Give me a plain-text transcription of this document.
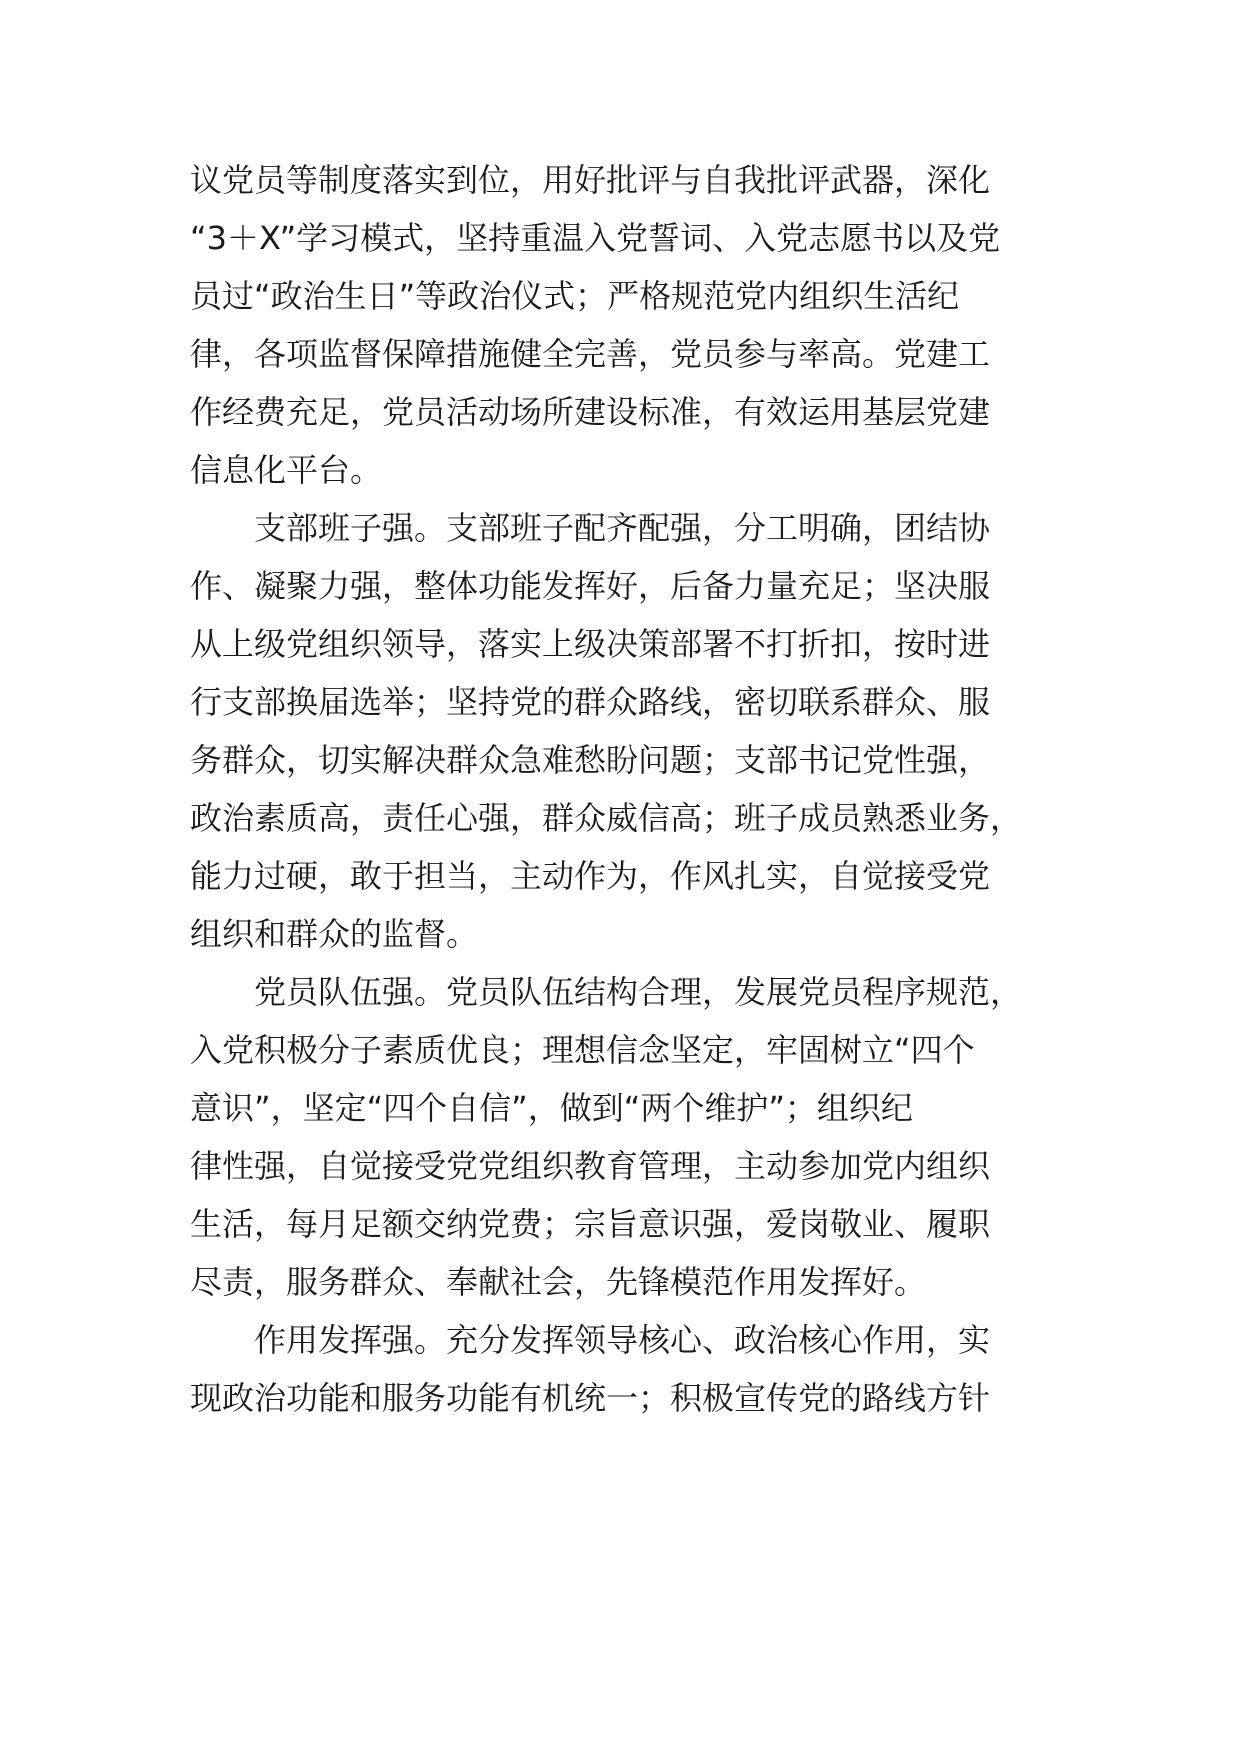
议党员等制度落实到位，用好批评与自我批评武器，深化
“3＋X”学习模式，坚持重温入党誓词、入党志愿书以及党
员过“政治生日”等政治仪式；严格规范党内组织生活纪
律，各项监督保障措施健全完善，党员参与率高。党建工
作经费充足，党员活动场所建设标准，有效运用基层党建
信息化平台。
支部班子强。支部班子配齐配强，分工明确，团结协
作、凝聚力强，整体功能发挥好，后备力量充足；坚决服
从上级党组织领导，落实上级决策部署不打折扣，按时进
行支部换届选举；坚持党的群众路线，密切联系群众、服
务群众，切实解决群众急难愁盼问题；支部书记党性强，
政治素质高，责任心强，群众威信高；班子成员熟悉业务，
能力过硬，敢于担当，主动作为，作风扎实，自觉接受党
组织和群众的监督。
党员队伍强。党员队伍结构合理，发展党员程序规范，
入党积极分子素质优良；理想信念坚定，牢固树立“四个
意识”，坚定“四个自信”，做到“两个维护”；组织纪
律性强，自觉接受党党组织教育管理，主动参加党内组织
生活，每月足额交纳党费；宗旨意识强，爱岗敬业、履职
尽责，服务群众、奉献社会，先锋模范作用发挥好。
作用发挥强。充分发挥领导核心、政治核心作用，实
现政治功能和服务功能有机统一；积极宣传党的路线方针
